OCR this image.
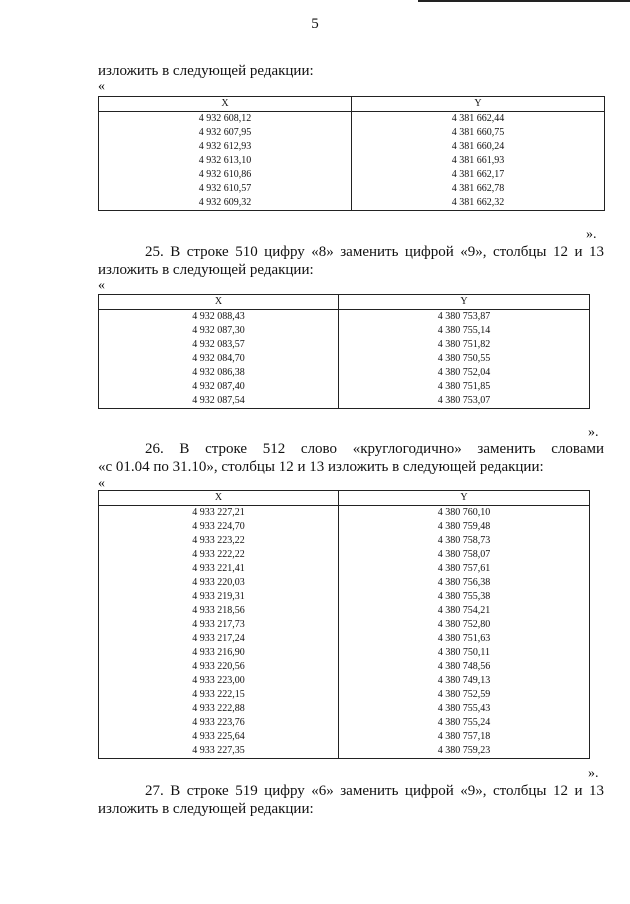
5
изложить в следующей редакции:
«
X	Y
4 932 608,12	4 381 662,44
4 932 607,95	4 381 660,75
4 932 612,93	4 381 660,24
4 932 613,10	4 381 661,93
4 932 610,86	4 381 662,17
4 932 610,57	4 381 662,78
4 932 609,32	4 381 662,32
».
25. В строке 510 цифру «8» заменить цифрой «9», столбцы 12 и 13
изложить в следующей редакции:
«
X	Y
4 932 088,43	4 380 753,87
4 932 087,30	4 380 755,14
4 932 083,57	4 380 751,82
4 932 084,70	4 380 750,55
4 932 086,38	4 380 752,04
4 932 087,40	4 380 751,85
4 932 087,54	4 380 753,07
».
26. В строке 512 слово «круглогодично» заменить словами
«с 01.04 по 31.10», столбцы 12 и 13 изложить в следующей редакции:
«
X	Y
4 933 227,21	4 380 760,10
4 933 224,70	4 380 759,48
4 933 223,22	4 380 758,73
4 933 222,22	4 380 758,07
4 933 221,41	4 380 757,61
4 933 220,03	4 380 756,38
4 933 219,31	4 380 755,38
4 933 218,56	4 380 754,21
4 933 217,73	4 380 752,80
4 933 217,24	4 380 751,63
4 933 216,90	4 380 750,11
4 933 220,56	4 380 748,56
4 933 223,00	4 380 749,13
4 933 222,15	4 380 752,59
4 933 222,88	4 380 755,43
4 933 223,76	4 380 755,24
4 933 225,64	4 380 757,18
4 933 227,35	4 380 759,23
».
27. В строке 519 цифру «6» заменить цифрой «9», столбцы 12 и 13
изложить в следующей редакции:
